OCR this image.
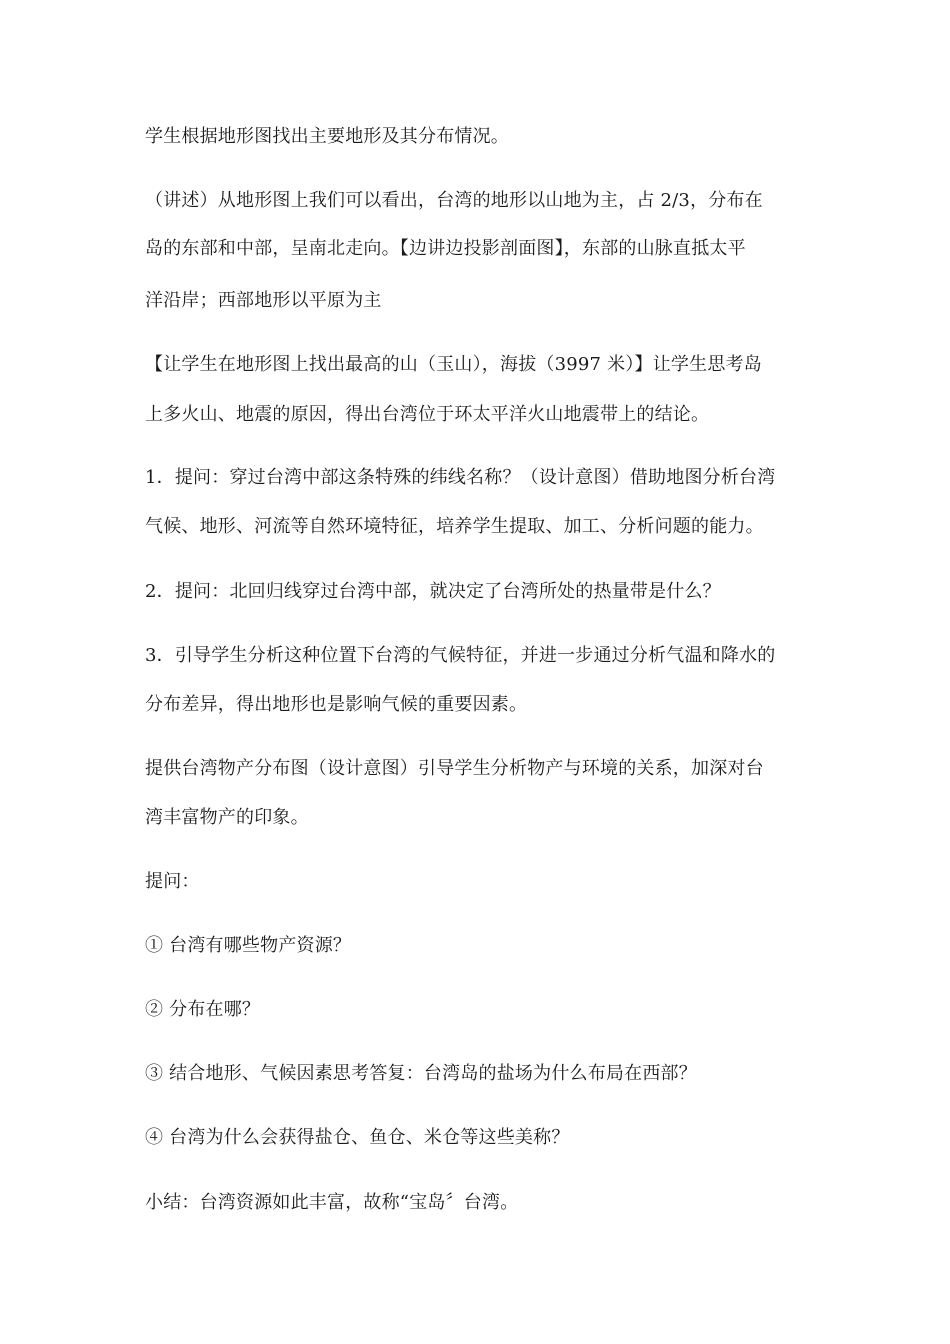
学生根据地形图找出主要地形及其分布情况。
（讲述）从地形图上我们可以看出，台湾的地形以山地为主，占 2/3，分布在
岛的东部和中部，呈南北走向。【边讲边投影剖面图】，东部的山脉直抵太平
洋沿岸；西部地形以平原为主
【让学生在地形图上找出最高的山（玉山），海拔（3997 米）】让学生思考岛
上多火山、地震的原因，得出台湾位于环太平洋火山地震带上的结论。
1．提问：穿过台湾中部这条特殊的纬线名称？（设计意图）借助地图分析台湾
气候、地形、河流等自然环境特征，培养学生提取、加工、分析问题的能力。
2．提问：北回归线穿过台湾中部，就决定了台湾所处的热量带是什么？
3．引导学生分析这种位置下台湾的气候特征，并进一步通过分析气温和降水的
分布差异，得出地形也是影响气候的重要因素。
提供台湾物产分布图（设计意图）引导学生分析物产与环境的关系，加深对台
湾丰富物产的印象。
提问：
① 台湾有哪些物产资源？
② 分布在哪？
③ 结合地形、气候因素思考答复：台湾岛的盐场为什么布局在西部？
④ 台湾为什么会获得盐仓、鱼仓、米仓等这些美称？
小结：台湾资源如此丰富，故称“宝岛〞台湾。
